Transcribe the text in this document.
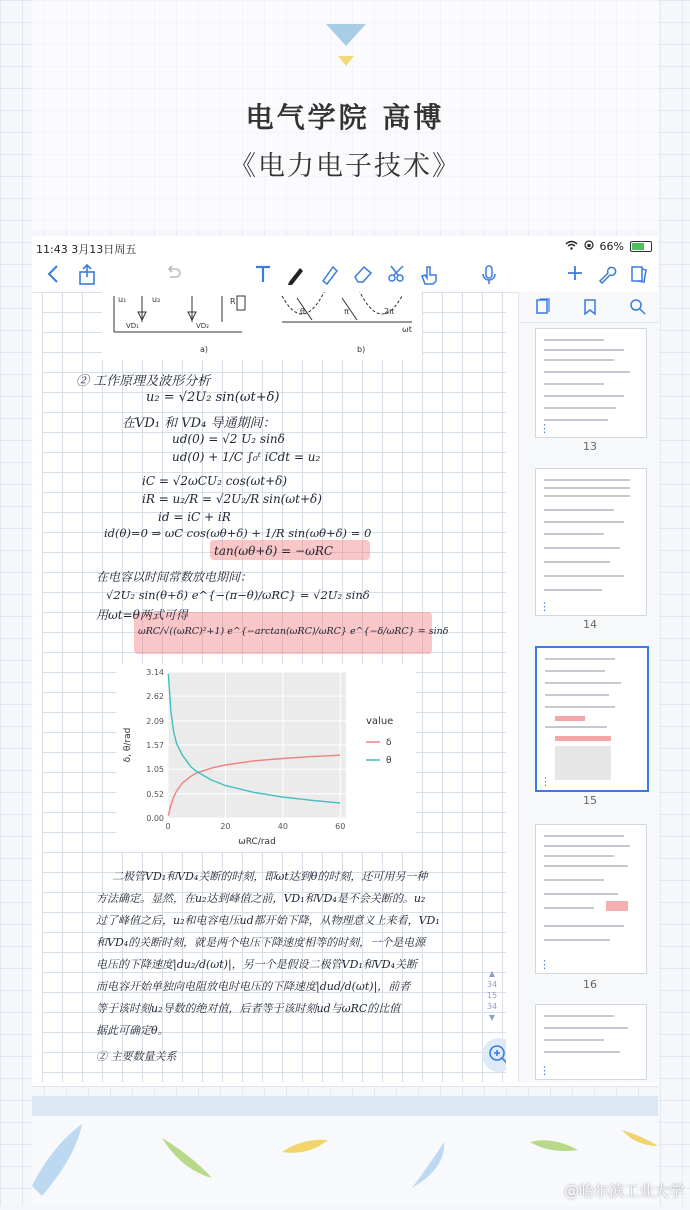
电气学院 高博
《电力电子技术》
11:43 3月13日周五	66%
R
u₁	u₂
VD₁	VD₂
a)
θ	π	2π
ωt
b)
② 工作原理及波形分析
u₂ = √2U₂ sin(ωt+δ)
在VD₁ 和 VD₄ 导通期间：
ud(0) = √2 U₂ sinδ
ud(0) + 1/C ∫₀ᵗ iCdt = u₂
iC = √2ωCU₂ cos(ωt+δ)
iR = u₂/R = √2U₂/R sin(ωt+δ)
id = iC + iR
id(θ)=0 ⇒ ωC cos(ωθ+δ) + 1/R sin(ωθ+δ) = 0
tan(ωθ+δ) = −ωRC
在电容以时间常数放电期间：
√2U₂ sin(θ+δ) e^{−(π−θ)/ωRC} = √2U₂ sinδ
用ωt=θ两式可得
ωRC/√((ωRC)²+1) e^{−arctan(ωRC)/ωRC} e^{−δ/ωRC} = sinδ
0.00
0.52
1.05
1.57
2.09
2.62
3.14
0	20	40	60
δ, θ/rad
ωRC/rad
value
δ
θ
二极管VD₁和VD₄关断的时刻，即ωt达到θ的时刻，还可用另一种
方法确定。显然，在u₂达到峰值之前，VD₁和VD₄是不会关断的。u₂
过了峰值之后，u₂和电容电压ud都开始下降，从物理意义上来看，VD₁
和VD₄的关断时刻，就是两个电压下降速度相等的时刻，一个是电源
电压的下降速度|du₂/d(ωt)|，另一个是假设二极管VD₁和VD₄关断
而电容开始单独向电阻放电时电压的下降速度|dud/d(ωt)|，前者
等于该时刻u₂导数的绝对值，后者等于该时刻ud与ωRC的比值
据此可确定θ。
② 主要数量关系
▲
34
15
34
▼
⋮
13
⋮
14
⋮
15
⋮
16
⋮
@哈尔滨工业大学
